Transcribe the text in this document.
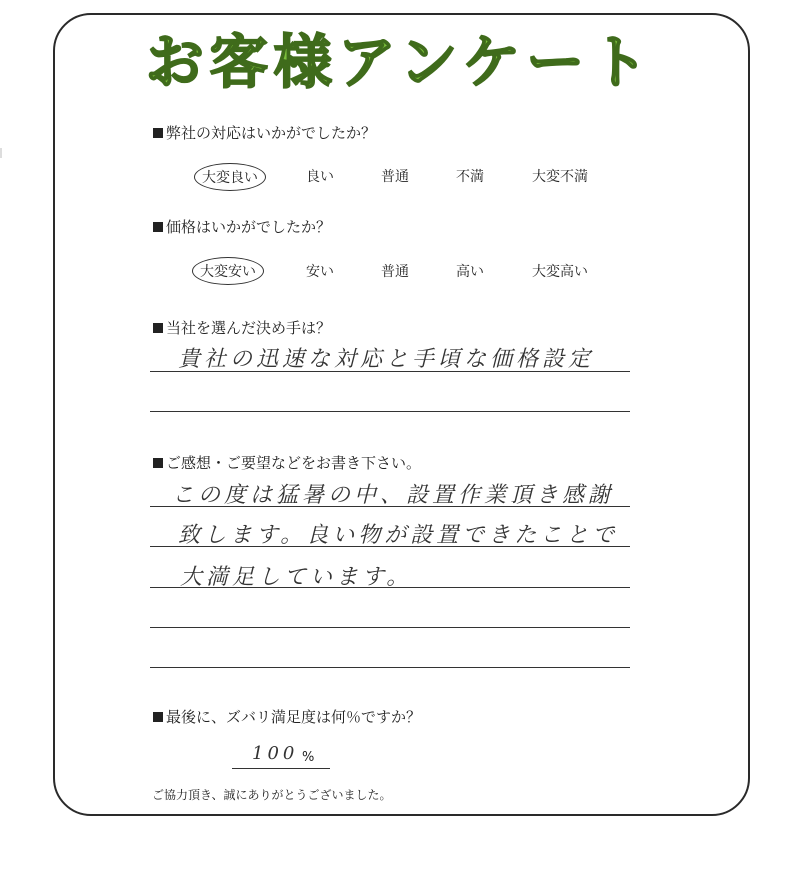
お客様アンケート
弊社の対応はいかがでしたか？
大変良い	良い	普通	不満	大変不満
価格はいかがでしたか？
大変安い	安い	普通	高い	大変高い
当社を選んだ決め手は？
貴社の迅速な対応と手頃な価格設定
ご感想・ご要望などをお書き下さい。
この度は猛暑の中、設置作業頂き感謝
致します。良い物が設置できたことで
大満足しています。
最後に、ズバリ満足度は何％ですか？
100 %
ご協力頂き、誠にありがとうございました。
